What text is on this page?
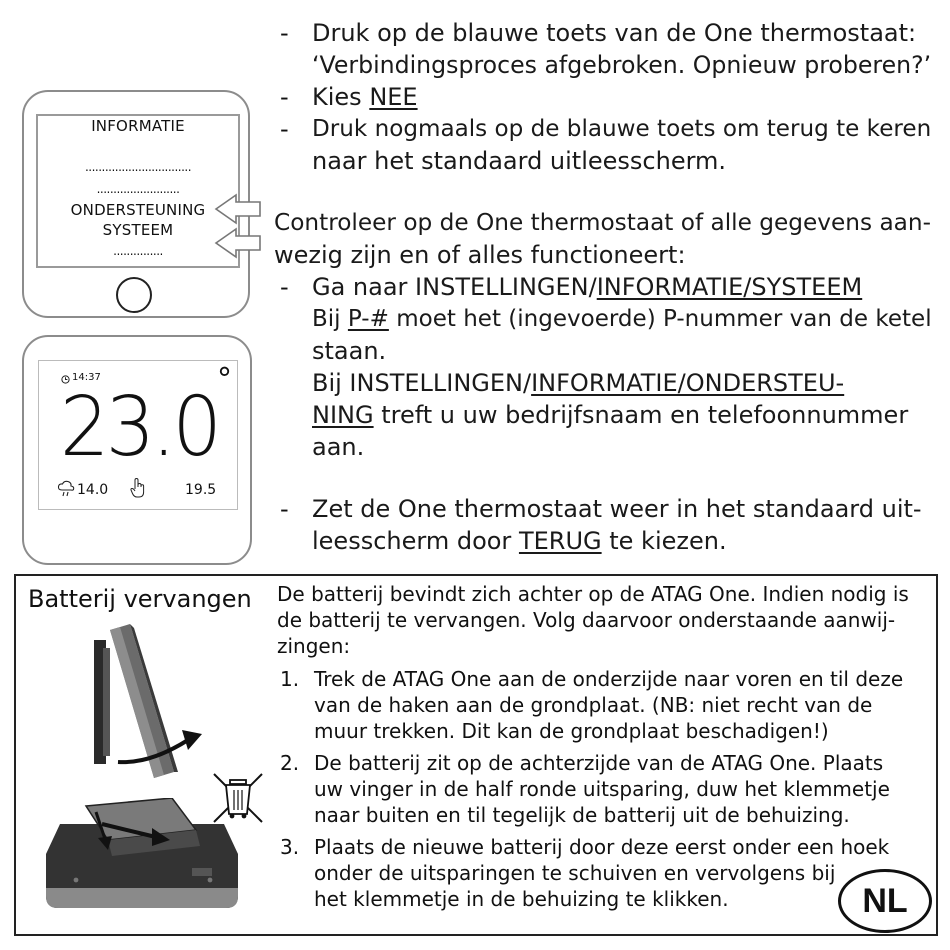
INFORMATIE
................................
.........................
ONDERSTEUNING
SYSTEEM
...............
14:37	°
23.0
14.0	19.5
- Druk op de blauwe toets van de One thermostaat:
‘Verbindingsproces afgebroken. Opnieuw proberen?’
- Kies NEE
- Druk nogmaals op de blauwe toets om terug te keren
naar het standaard uitleesscherm.
Controleer op de One thermostaat of alle gegevens aan-
wezig zijn en of alles functioneert:
- Ga naar INSTELLINGEN/INFORMATIE/SYSTEEM
Bij P-# moet het (ingevoerde) P-nummer van de ketel
staan.
Bij INSTELLINGEN/INFORMATIE/ONDERSTEU-
NING treft u uw bedrijfsnaam en telefoonnummer
aan.
- Zet de One thermostaat weer in het standaard uit-
leesscherm door TERUG te kiezen.
Batterij vervangen De batterij bevindt zich achter op de ATAG One. Indien nodig is
de batterij te vervangen. Volg daarvoor onderstaande aanwij-
zingen:
1. Trek de ATAG One aan de onderzijde naar voren en til deze
van de haken aan de grondplaat. (NB: niet recht van de
muur trekken. Dit kan de grondplaat beschadigen!)
2. De batterij zit op de achterzijde van de ATAG One. Plaats
uw vinger in de half ronde uitsparing, duw het klemmetje
naar buiten en til tegelijk de batterij uit de behuizing.
3. Plaats de nieuwe batterij door deze eerst onder een hoek
onder de uitsparingen te schuiven en vervolgens bij
het klemmetje in de behuizing te klikken.	NL
